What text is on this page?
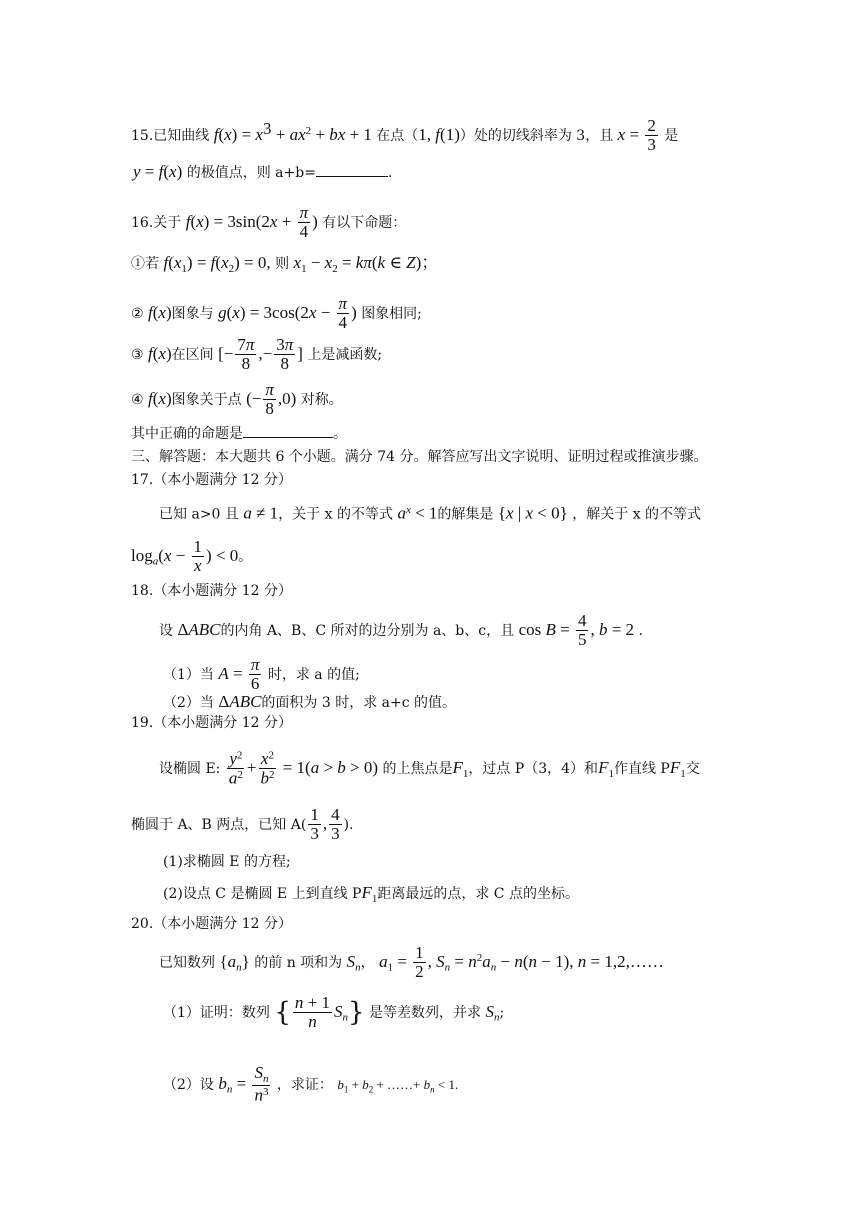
15.已知曲线 $f(x) = x^3 + ax^2$ + bx + 1 在点（1, f(1)）处的切线斜率为 3，且 $x = \frac{2}{3}$ 是
y = f(x) 的极值点，则 a+b=	.
16.关于 $f(x) = 3\sin(2x + \frac{\pi}{4}$ ) 有以下命题：
①若 $f(x_1) = f(x_2) = 0$, 则 $x_1 - x_2 = k\pi(k$ ∈ Z)；
② f(x)图象与 $g(x) = 3\cos(2x - \frac{\pi}{4}$ ) 图象相同;
③ f(x)在区间 [− $\frac{7\pi}{8}$ ,− $\frac{3\pi}{8}$ ] 上是减函数;
④ f(x)图象关于点 (− $\frac{\pi}{8} ,0$) 对称。
其中正确的命题是	。
三、解答题：本大题共 6 个小题。满分 74 分。解答应写出文字说明、证明过程或推演步骤。
17.（本小题满分 12 分）
已知 a>0 且 a ≠ 1，关于 x 的不等式 $a^x < 1$的解集是 {x | x < 0} ，解关于 x 的不等式
$\log_a(x - \frac{1}{x}$ ) < 0。
18.（本小题满分 12 分）
设 ΔABC的内角 A、B、C 所对的边分别为 a、b、c，且 $\cos B = \frac{4}{5}$ , b = 2 .
（1）当 $A = \frac{\pi}{6}$ 时，求 a 的值;
（2）当 ΔABC的面积为 3 时，求 a+c 的值。
19.（本小题满分 12 分）
设椭圆 E: $\frac{y^2}{a^2} + \frac{x^2}{b^2} = 1(a > b > 0)$ 的上焦点是$F_1$，过点 P（3，4）和$F_1$作直线 $PF_1$交
椭圆于 A、B 两点，已知 $A( \frac{1}{3}$ , $\frac{4}{3}$ ).
(1)求椭圆 E 的方程;
(2)设点 C 是椭圆 E 上到直线 $PF_1$距离最远的点，求 C 点的坐标。
20.（本小题满分 12 分）
已知数列 $\{a_n\}$ 的前 n 项和为 $S_n$， $a_1 = \frac{1}{2}$ , $S_n = n^2a_n - n(n - 1)$, n = 1,2,……
（1）证明：数列 { $\frac{n + 1}{n} S_n$} 是等差数列，并求 $S_n$;
（2）设 $b_n = \frac{S_n}{n^3}$ ，求证： $b_1 + b_2$ + ……+ $b_n < 1$.
